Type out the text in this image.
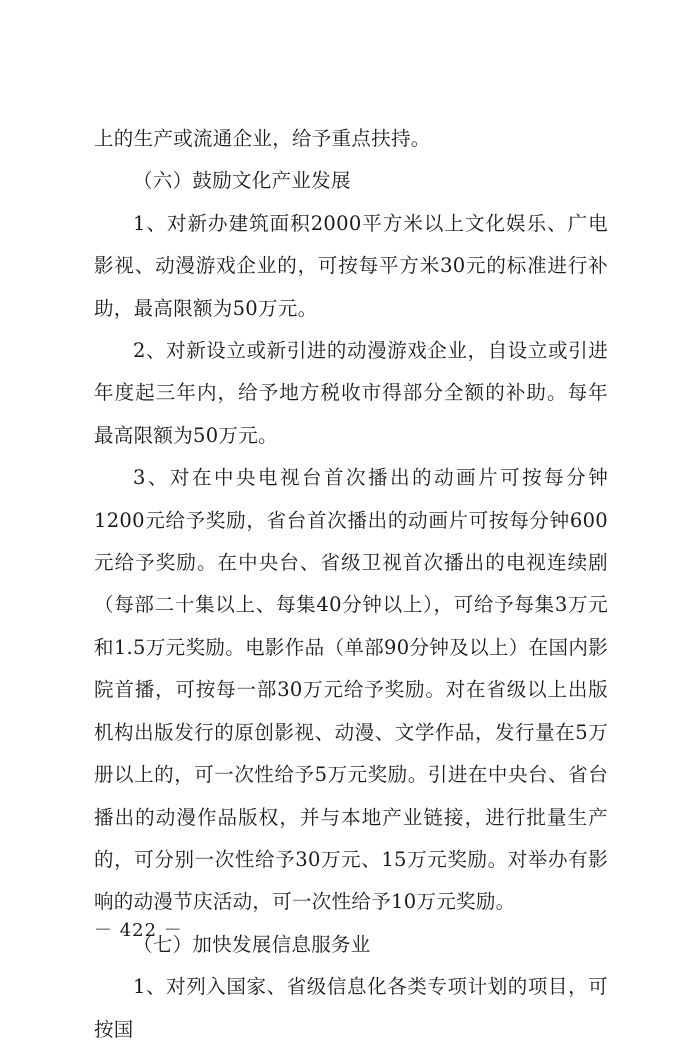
上的生产或流通企业，给予重点扶持。

（六）鼓励文化产业发展

1、对新办建筑面积2000平方米以上文化娱乐、广电影视、动漫游戏企业的，可按每平方米30元的标准进行补助，最高限额为50万元。

2、对新设立或新引进的动漫游戏企业，自设立或引进年度起三年内，给予地方税收市得部分全额的补助。每年最高限额为50万元。

3、对在中央电视台首次播出的动画片可按每分钟1200元给予奖励，省台首次播出的动画片可按每分钟600元给予奖励。在中央台、省级卫视首次播出的电视连续剧（每部二十集以上、每集40分钟以上），可给予每集3万元和1.5万元奖励。电影作品（单部90分钟及以上）在国内影院首播，可按每一部30万元给予奖励。对在省级以上出版机构出版发行的原创影视、动漫、文学作品，发行量在5万册以上的，可一次性给予5万元奖励。引进在中央台、省台播出的动漫作品版权，并与本地产业链接，进行批量生产的，可分别一次性给予30万元、15万元奖励。对举办有影响的动漫节庆活动，可一次性给予10万元奖励。

（七）加快发展信息服务业

1、对列入国家、省级信息化各类专项计划的项目，可按国

－ 422 －
